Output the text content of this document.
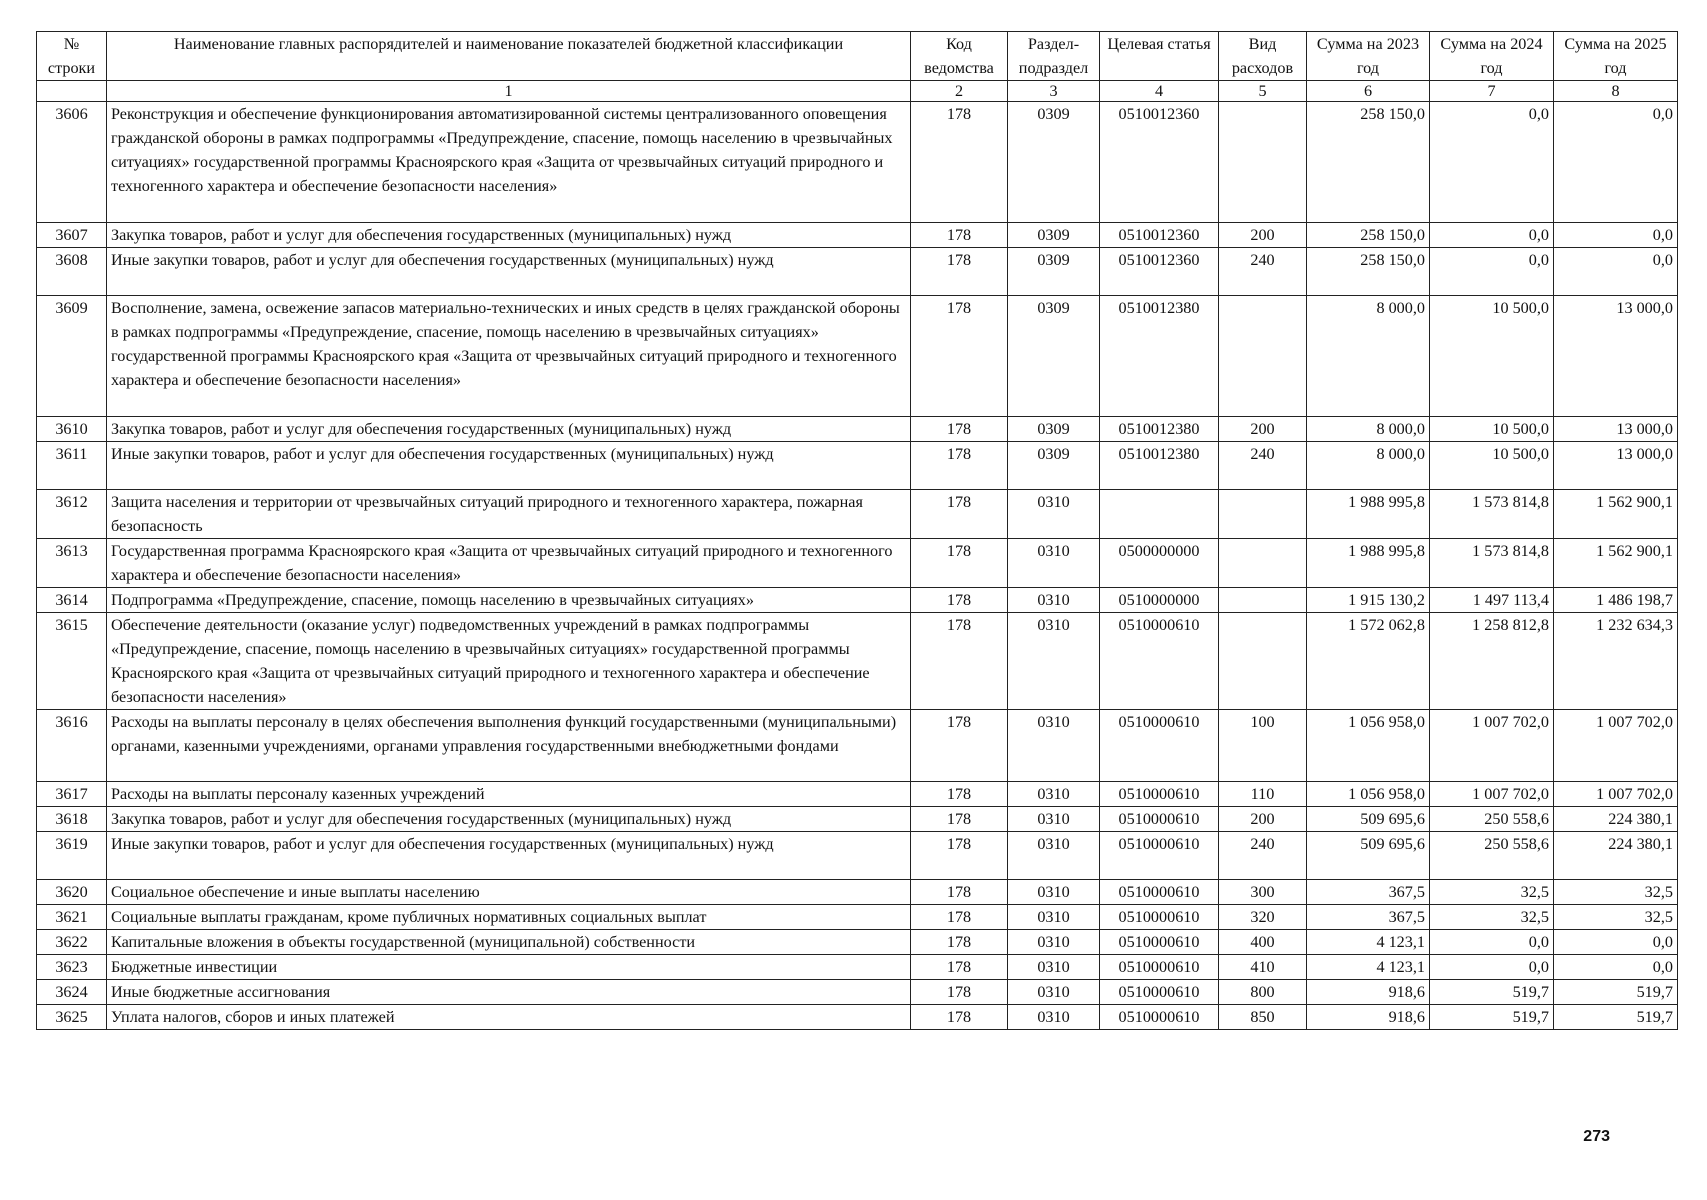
№ строки	Наименование главных распорядителей и наименование показателей бюджетной классификации	Код ведомства	Раздел-подраздел	Целевая статья	Вид расходов	Сумма на 2023 год	Сумма на 2024 год	Сумма на 2025 год
	1	2	3	4	5	6	7	8
3606	Реконструкция и обеспечение функционирования автоматизированной системы централизованного оповещения гражданской обороны в рамках подпрограммы «Предупреждение, спасение, помощь населению в чрезвычайных ситуациях» государственной программы Красноярского края «Защита от чрезвычайных ситуаций природного и техногенного характера и обеспечение безопасности населения»	178	0309	0510012360		258 150,0	0,0	0,0
3607	Закупка товаров, работ и услуг для обеспечения государственных (муниципальных) нужд	178	0309	0510012360	200	258 150,0	0,0	0,0
3608	Иные закупки товаров, работ и услуг для обеспечения государственных (муниципальных) нужд	178	0309	0510012360	240	258 150,0	0,0	0,0
3609	Восполнение, замена, освежение запасов материально-технических и иных средств в целях гражданской обороны в рамках подпрограммы «Предупреждение, спасение, помощь населению в чрезвычайных ситуациях» государственной программы Красноярского края «Защита от чрезвычайных ситуаций природного и техногенного характера и обеспечение безопасности населения»	178	0309	0510012380		8 000,0	10 500,0	13 000,0
3610	Закупка товаров, работ и услуг для обеспечения государственных (муниципальных) нужд	178	0309	0510012380	200	8 000,0	10 500,0	13 000,0
3611	Иные закупки товаров, работ и услуг для обеспечения государственных (муниципальных) нужд	178	0309	0510012380	240	8 000,0	10 500,0	13 000,0
3612	Защита населения и территории от чрезвычайных ситуаций природного и техногенного характера, пожарная безопасность	178	0310			1 988 995,8	1 573 814,8	1 562 900,1
3613	Государственная программа Красноярского края «Защита от чрезвычайных ситуаций природного и техногенного характера и обеспечение безопасности населения»	178	0310	0500000000		1 988 995,8	1 573 814,8	1 562 900,1
3614	Подпрограмма «Предупреждение, спасение, помощь населению в чрезвычайных ситуациях»	178	0310	0510000000		1 915 130,2	1 497 113,4	1 486 198,7
3615	Обеспечение деятельности (оказание услуг) подведомственных учреждений в рамках подпрограммы «Предупреждение, спасение, помощь населению в чрезвычайных ситуациях» государственной программы Красноярского края «Защита от чрезвычайных ситуаций природного и техногенного характера и обеспечение безопасности населения»	178	0310	0510000610		1 572 062,8	1 258 812,8	1 232 634,3
3616	Расходы на выплаты персоналу в целях обеспечения выполнения функций государственными (муниципальными) органами, казенными учреждениями, органами управления государственными внебюджетными фондами	178	0310	0510000610	100	1 056 958,0	1 007 702,0	1 007 702,0
3617	Расходы на выплаты персоналу казенных учреждений	178	0310	0510000610	110	1 056 958,0	1 007 702,0	1 007 702,0
3618	Закупка товаров, работ и услуг для обеспечения государственных (муниципальных) нужд	178	0310	0510000610	200	509 695,6	250 558,6	224 380,1
3619	Иные закупки товаров, работ и услуг для обеспечения государственных (муниципальных) нужд	178	0310	0510000610	240	509 695,6	250 558,6	224 380,1
3620	Социальное обеспечение и иные выплаты населению	178	0310	0510000610	300	367,5	32,5	32,5
3621	Социальные выплаты гражданам, кроме публичных нормативных социальных выплат	178	0310	0510000610	320	367,5	32,5	32,5
3622	Капитальные вложения в объекты государственной (муниципальной) собственности	178	0310	0510000610	400	4 123,1	0,0	0,0
3623	Бюджетные инвестиции	178	0310	0510000610	410	4 123,1	0,0	0,0
3624	Иные бюджетные ассигнования	178	0310	0510000610	800	918,6	519,7	519,7
3625	Уплата налогов, сборов и иных платежей	178	0310	0510000610	850	918,6	519,7	519,7
273
